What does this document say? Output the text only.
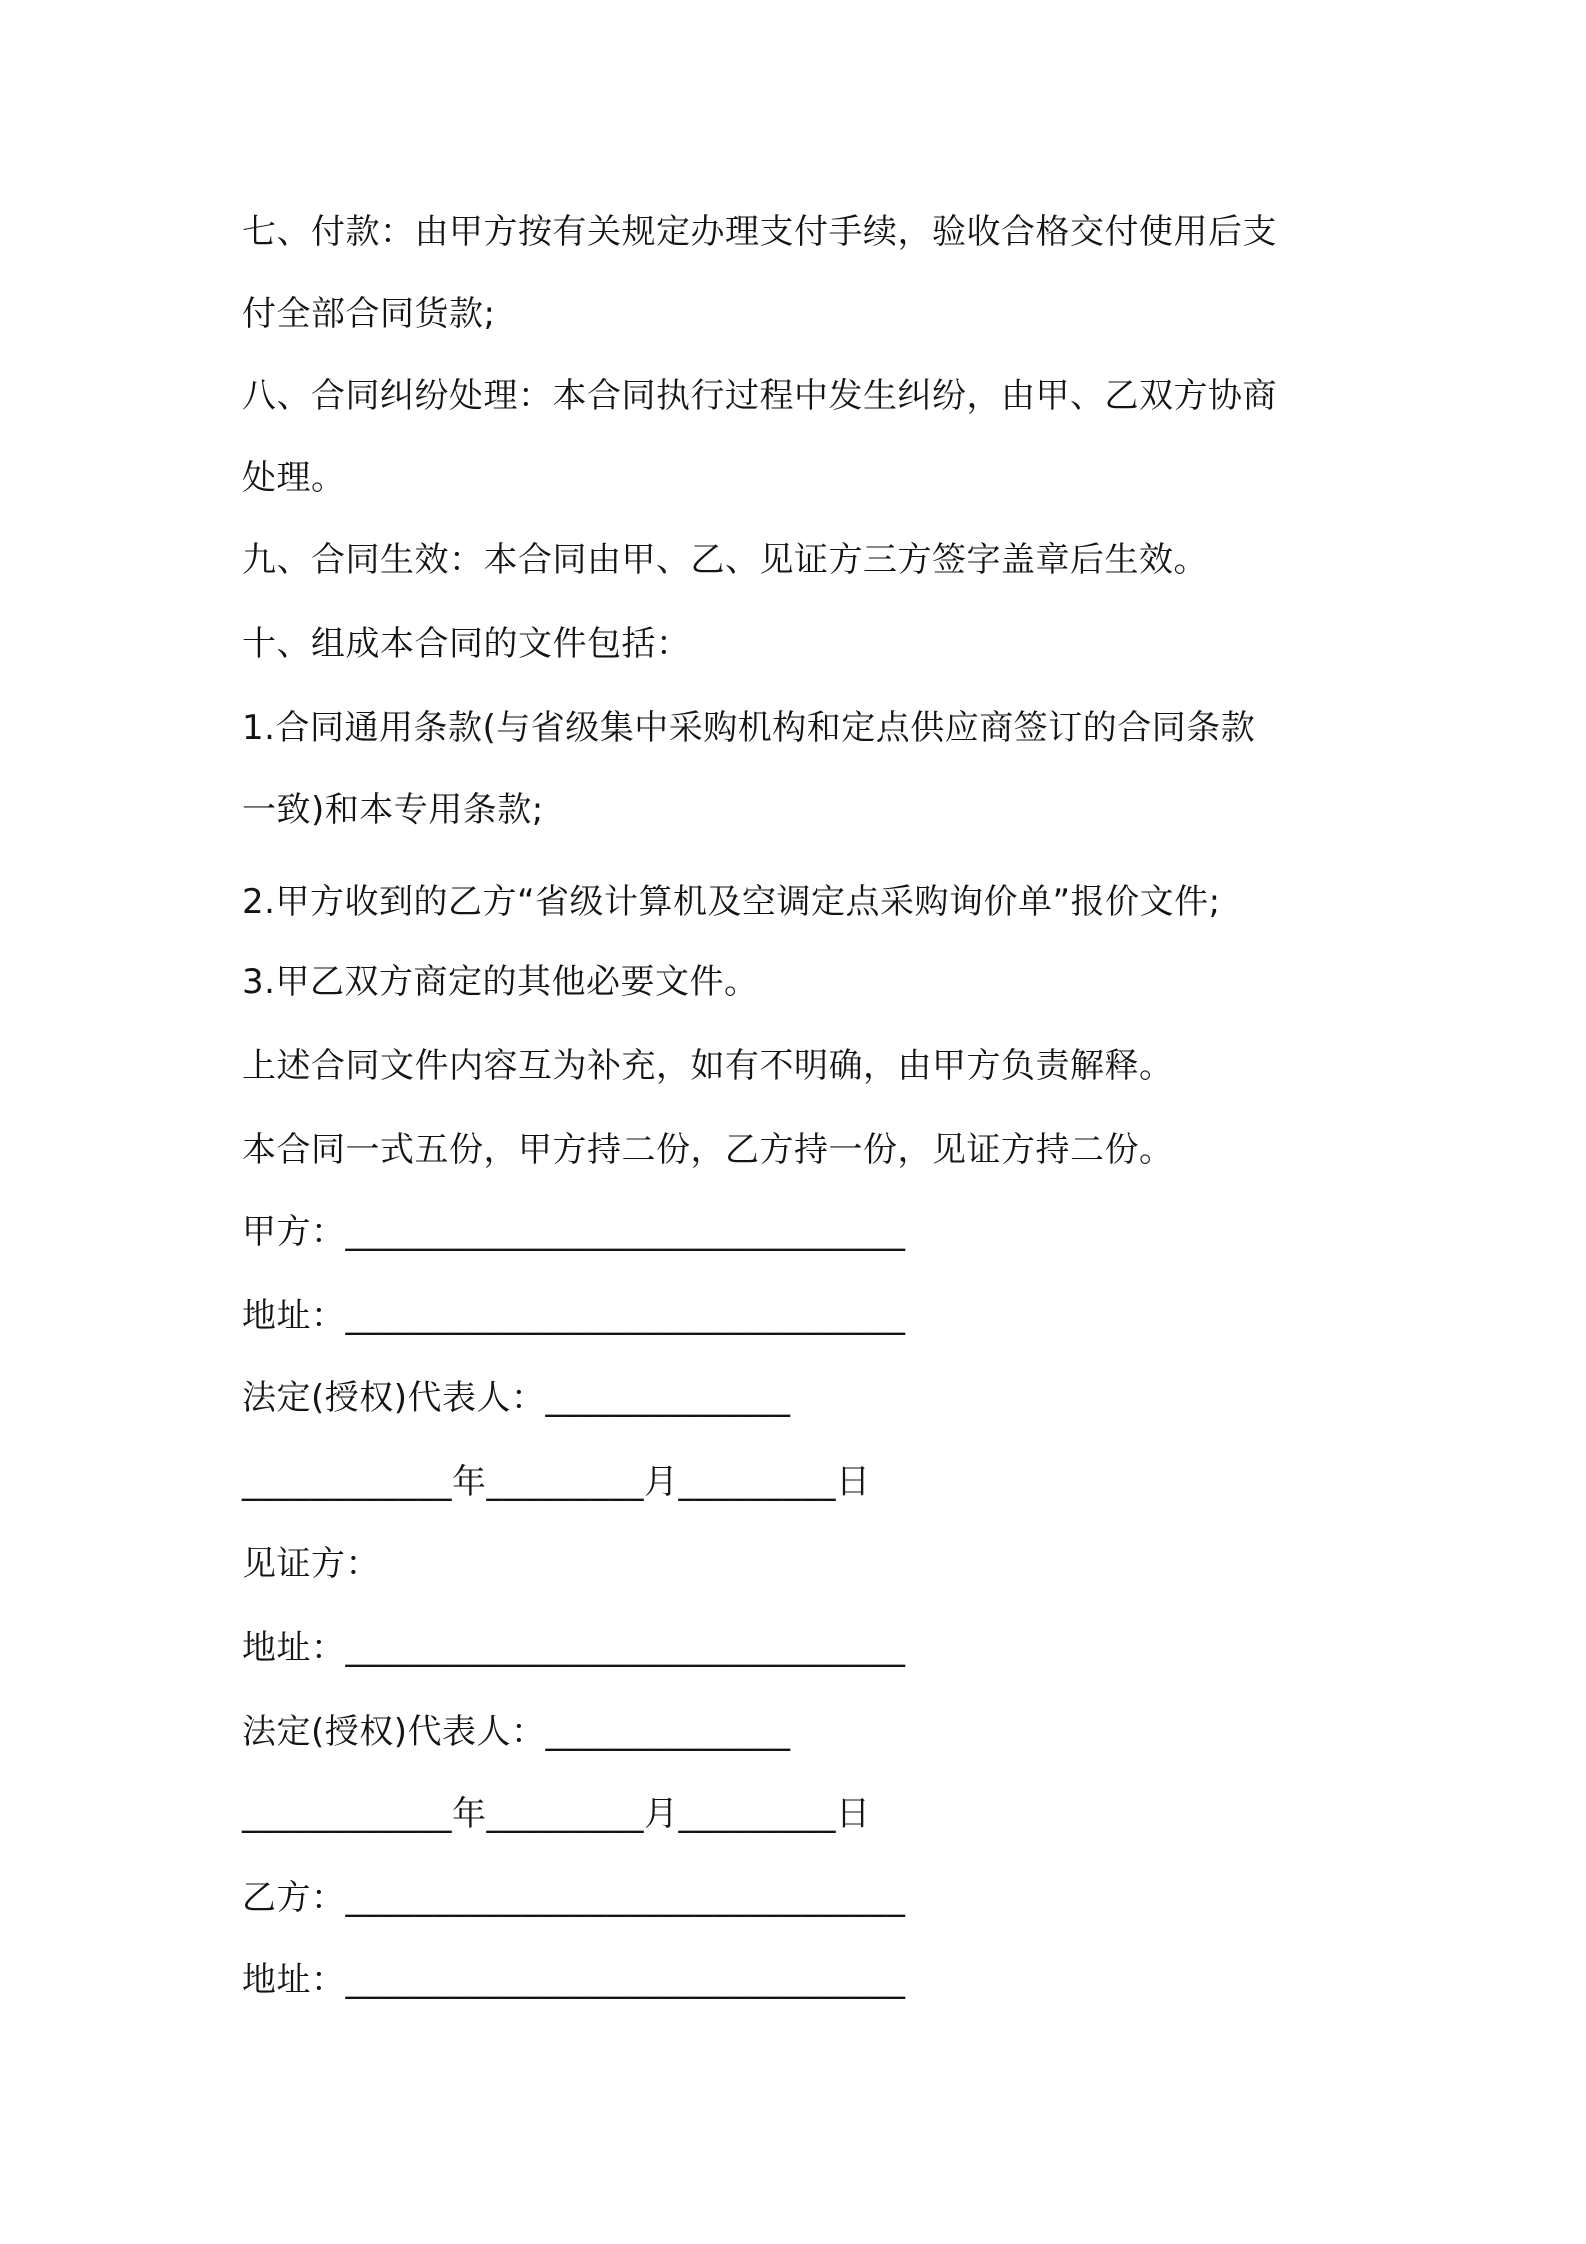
七、付款：由甲方按有关规定办理支付手续，验收合格交付使用后支
付全部合同货款;
八、合同纠纷处理：本合同执行过程中发生纠纷，由甲、乙双方协商
处理。
九、合同生效：本合同由甲、乙、见证方三方签字盖章后生效。
十、组成本合同的文件包括：
1.合同通用条款(与省级集中采购机构和定点供应商签订的合同条款
一致)和本专用条款;
2.甲方收到的乙方“省级计算机及空调定点采购询价单”报价文件;
3.甲乙双方商定的其他必要文件。
上述合同文件内容互为补充，如有不明确，由甲方负责解释。
本合同一式五份，甲方持二份，乙方持一份，见证方持二份。
甲方：________________________________
地址：________________________________
法定(授权)代表人：______________
____________年_________月_________日
见证方：
地址：________________________________
法定(授权)代表人：______________
____________年_________月_________日
乙方：________________________________
地址：________________________________
